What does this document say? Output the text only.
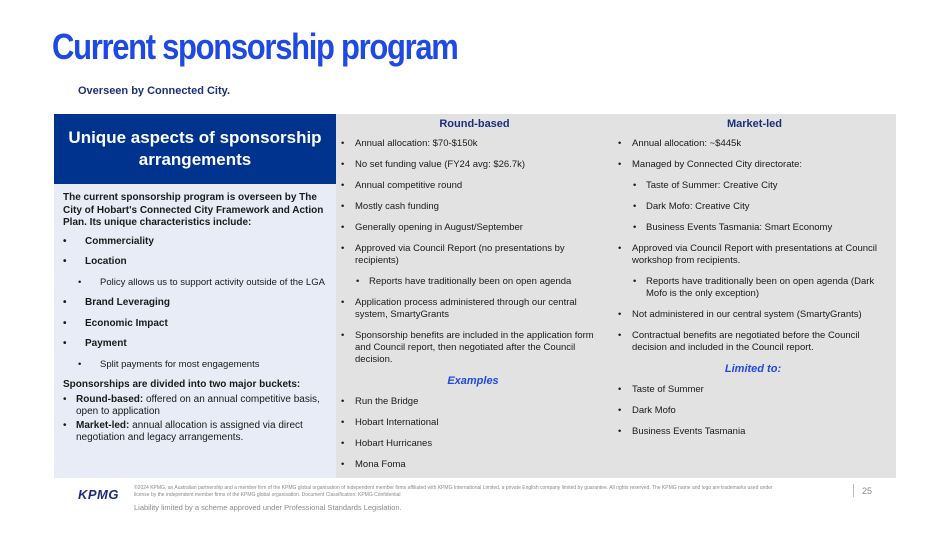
Current sponsorship program
Overseen by Connected City.
Unique aspects of sponsorship arrangements
The current sponsorship program is overseen by The City of Hobart's Connected City Framework and Action Plan. Its unique characteristics include:
• Commerciality
• Location
• Policy allows us to support activity outside of the LGA
• Brand Leveraging
• Economic Impact
• Payment
• Split payments for most engagements
Sponsorships are divided into two major buckets:
• Round-based: offered on an annual competitive basis, open to application
• Market-led: annual allocation is assigned via direct negotiation and legacy arrangements.
Round-based
• Annual allocation: $70-$150k
• No set funding value (FY24 avg: $26.7k)
• Annual competitive round
• Mostly cash funding
• Generally opening in August/September
• Approved via Council Report (no presentations by recipients)
• Reports have traditionally been on open agenda
• Application process administered through our central system, SmartyGrants
• Sponsorship benefits are included in the application form and Council report, then negotiated after the Council decision.
Examples
• Run the Bridge
• Hobart International
• Hobart Hurricanes
• Mona Foma
Market-led
• Annual allocation: ~$445k
• Managed by Connected City directorate:
• Taste of Summer: Creative City
• Dark Mofo: Creative City
• Business Events Tasmania: Smart Economy
• Approved via Council Report with presentations at Council workshop from recipients.
• Reports have traditionally been on open agenda (Dark Mofo is the only exception)
• Not administered in our central system (SmartyGrants)
• Contractual benefits are negotiated before the Council decision and included in the Council report.
Limited to:
• Taste of Summer
• Dark Mofo
• Business Events Tasmania
KPMG	©2024 KPMG, an Australian partnership and a member firm of the KPMG global organisation of independent member firms affiliated with KPMG International Limited, a private English company limited by guarantee. All rights reserved. The KPMG name and logo are trademarks used under license by the independent member firms of the KPMG global organisation. Document Classification: KPMG Confidential
Liability limited by a scheme approved under Professional Standards Legislation.
25
